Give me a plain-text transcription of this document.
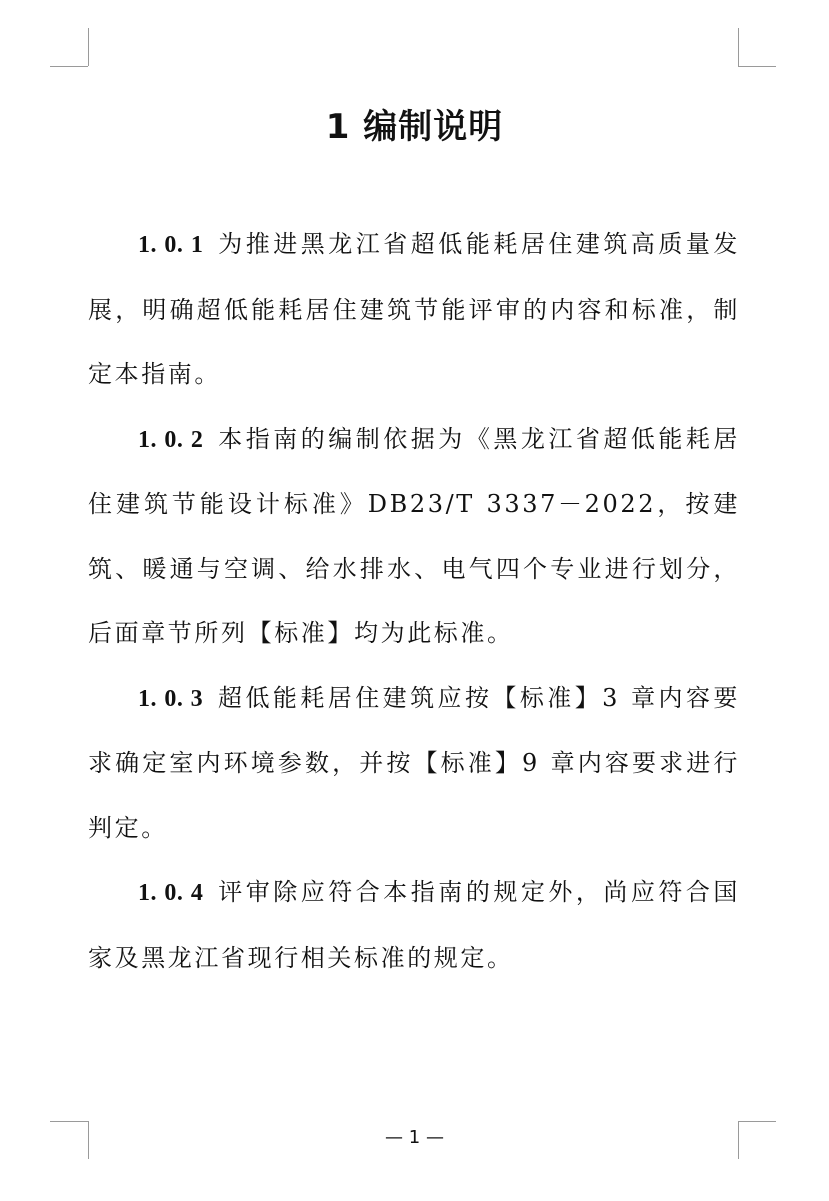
1 编制说明

1. 0. 1 为推进黑龙江省超低能耗居住建筑高质量发展，明确超低能耗居住建筑节能评审的内容和标准，制定本指南。

1. 0. 2 本指南的编制依据为《黑龙江省超低能耗居住建筑节能设计标准》DB23/T 3337－2022，按建筑、暖通与空调、给水排水、电气四个专业进行划分，后面章节所列【标准】均为此标准。

1. 0. 3 超低能耗居住建筑应按【标准】3 章内容要求确定室内环境参数，并按【标准】9 章内容要求进行判定。

1. 0. 4 评审除应符合本指南的规定外，尚应符合国家及黑龙江省现行相关标准的规定。

— 1 —
